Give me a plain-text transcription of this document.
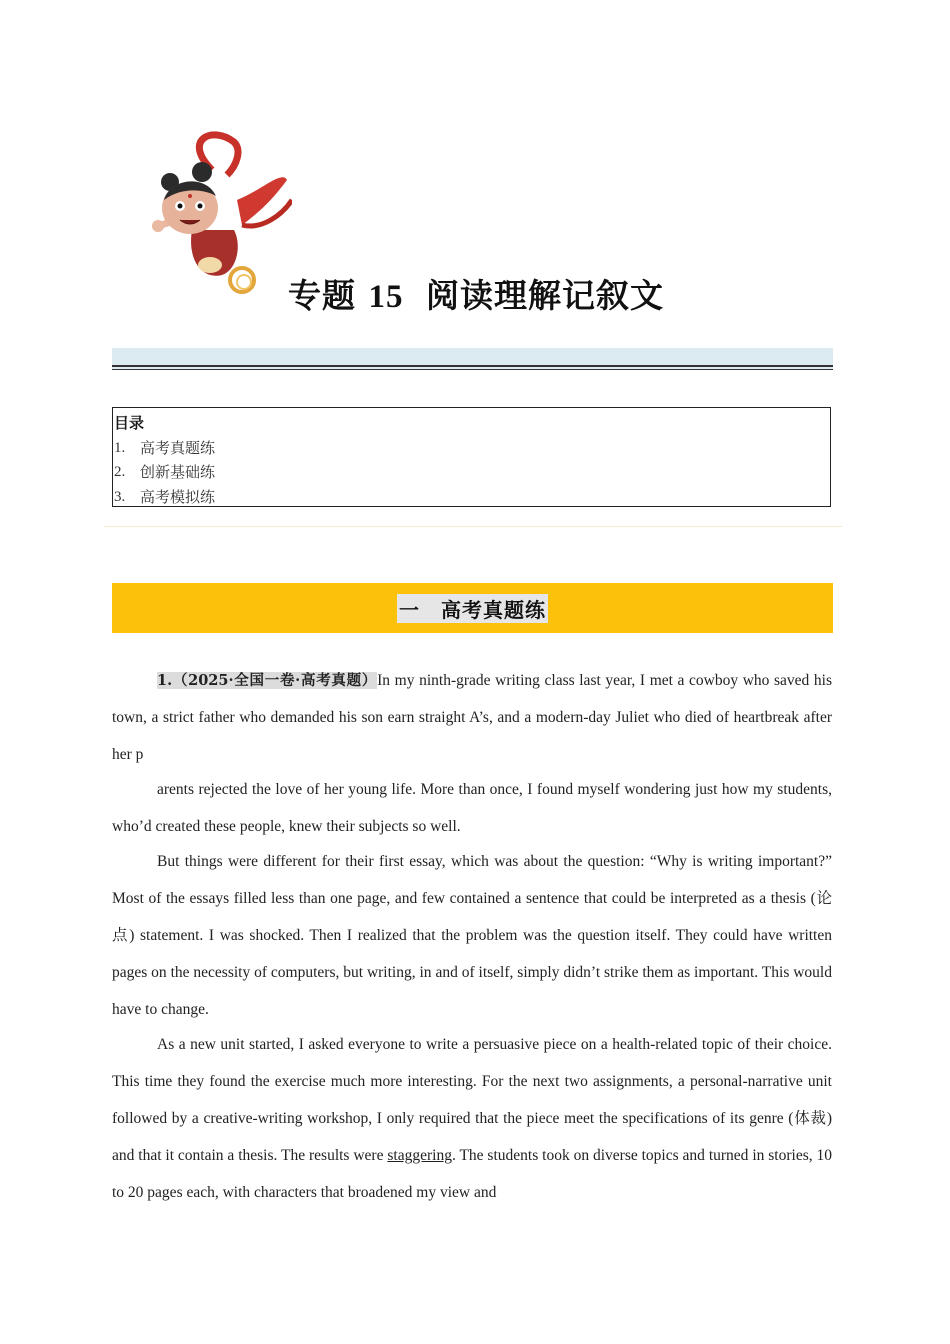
专题 15 阅读理解记叙文
目录
1. 高考真题练
2. 创新基础练
3. 高考模拟练
一　高考真题练

1.（2025·全国一卷·高考真题）In my ninth-grade writing class last year, I met a cowboy who saved his town, a strict father who demanded his son earn straight A’s, and a modern-day Juliet who died of heartbreak after her p

arents rejected the love of her young life. More than once, I found myself wondering just how my students, who’d created these people, knew their subjects so well.

But things were different for their first essay, which was about the question: “Why is writing important?” Most of the essays filled less than one page, and few contained a sentence that could be interpreted as a thesis (论点) statement. I was shocked. Then I realized that the problem was the question itself. They could have written pages on the necessity of computers, but writing, in and of itself, simply didn’t strike them as important. This would have to change.

As a new unit started, I asked everyone to write a persuasive piece on a health-related topic of their choice. This time they found the exercise much more interesting. For the next two assignments, a personal-narrative unit followed by a creative-writing workshop, I only required that the piece meet the specifications of its genre (体裁) and that it contain a thesis. The results were staggering. The students took on diverse topics and turned in stories, 10 to 20 pages each, with characters that broadened my view and
